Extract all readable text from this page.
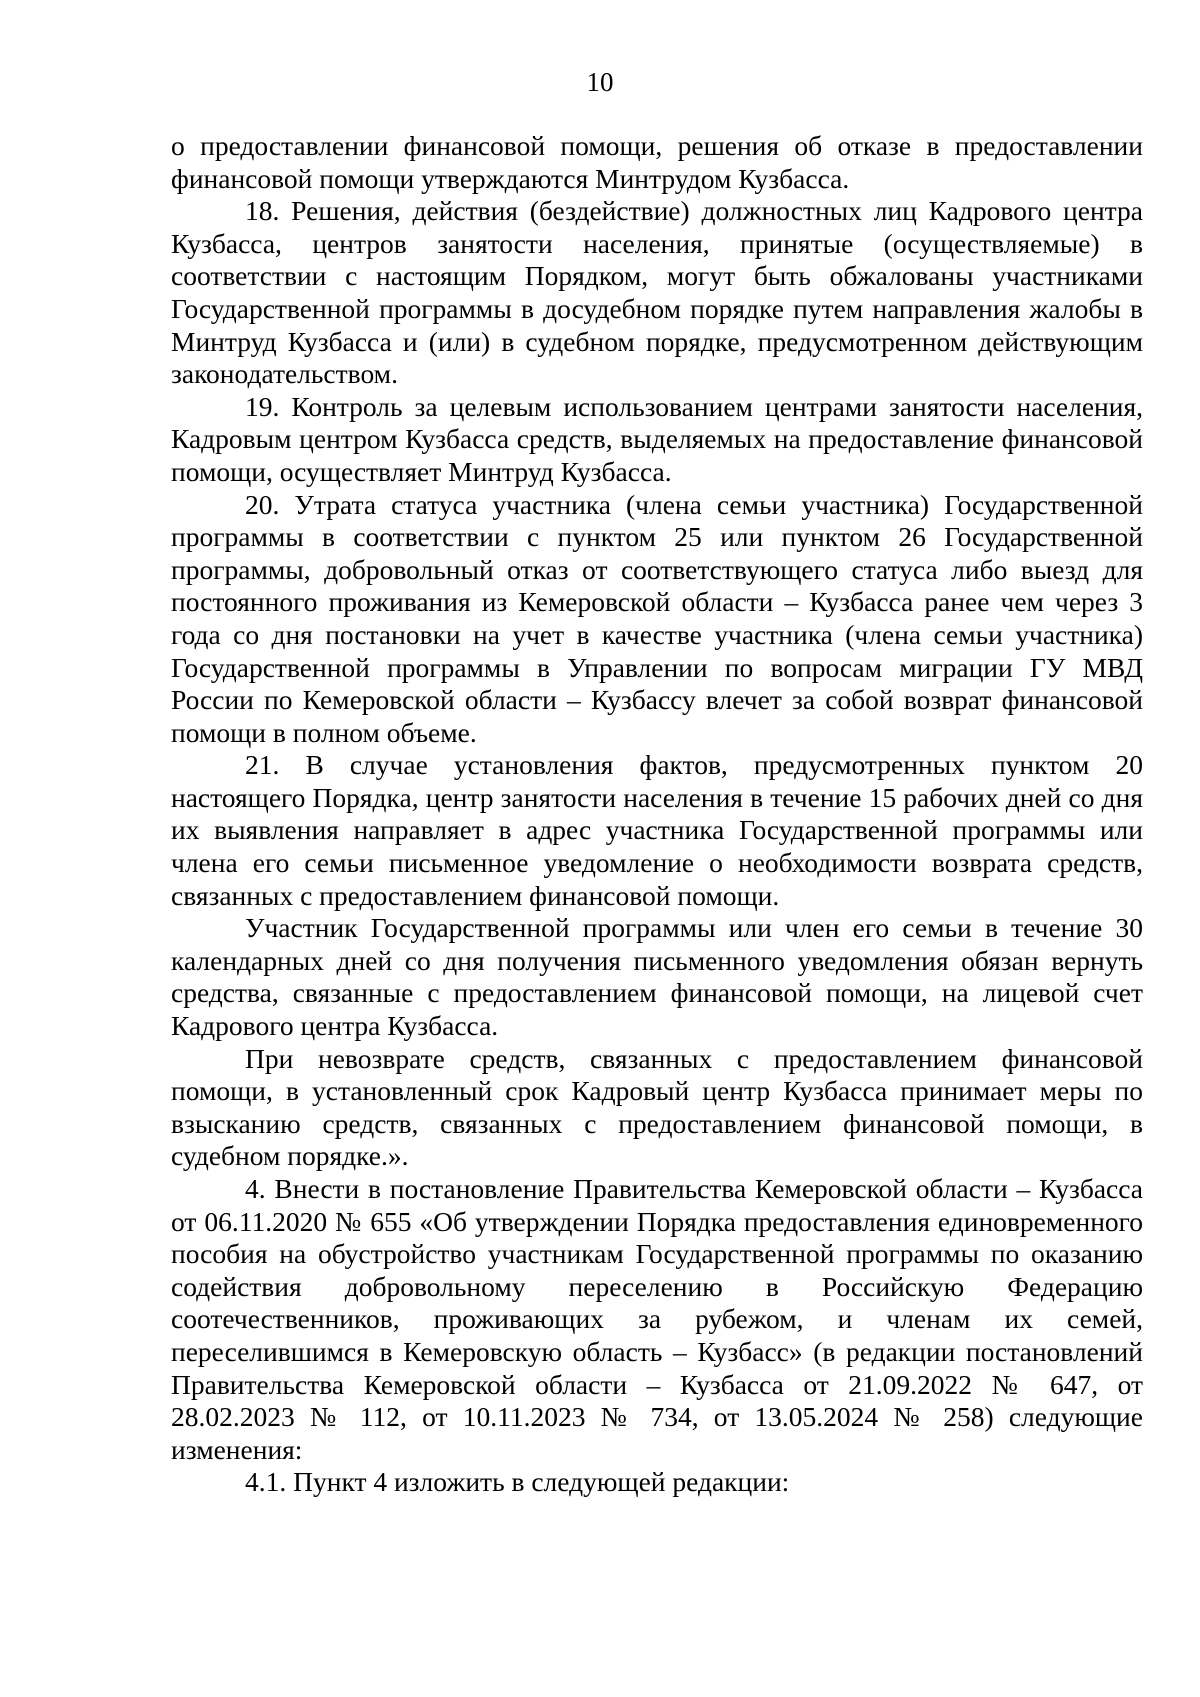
10

о предоставлении финансовой помощи, решения об отказе в предоставлении финансовой помощи утверждаются Минтрудом Кузбасса.

18. Решения, действия (бездействие) должностных лиц Кадрового центра Кузбасса, центров занятости населения, принятые (осуществляемые) в соответствии с настоящим Порядком, могут быть обжалованы участниками Государственной программы в досудебном порядке путем направления жалобы в Минтруд Кузбасса и (или) в судебном порядке, предусмотренном действующим законодательством.

19. Контроль за целевым использованием центрами занятости населения, Кадровым центром Кузбасса средств, выделяемых на предоставление финансовой помощи, осуществляет Минтруд Кузбасса.

20. Утрата статуса участника (члена семьи участника) Государственной программы в соответствии с пунктом 25 или пунктом 26 Государственной программы, добровольный отказ от соответствующего статуса либо выезд для постоянного проживания из Кемеровской области – Кузбасса ранее чем через 3 года со дня постановки на учет в качестве участника (члена семьи участника) Государственной программы в Управлении по вопросам миграции ГУ МВД России по Кемеровской области – Кузбассу влечет за собой возврат финансовой помощи в полном объеме.

21. В случае установления фактов, предусмотренных пунктом 20 настоящего Порядка, центр занятости населения в течение 15 рабочих дней со дня их выявления направляет в адрес участника Государственной программы или члена его семьи письменное уведомление о необходимости возврата средств, связанных с предоставлением финансовой помощи.

Участник Государственной программы или член его семьи в течение 30 календарных дней со дня получения письменного уведомления обязан вернуть средства, связанные с предоставлением финансовой помощи, на лицевой счет Кадрового центра Кузбасса.

При невозврате средств, связанных с предоставлением финансовой помощи, в установленный срок Кадровый центр Кузбасса принимает меры по взысканию средств, связанных с предоставлением финансовой помощи, в судебном порядке.».

4. Внести в постановление Правительства Кемеровской области – Кузбасса от 06.11.2020 № 655 «Об утверждении Порядка предоставления единовременного пособия на обустройство участникам Государственной программы по оказанию содействия добровольному переселению в Российскую Федерацию соотечественников, проживающих за рубежом, и членам их семей, переселившимся в Кемеровскую область – Кузбасс» (в редакции постановлений Правительства Кемеровской области – Кузбасса от 21.09.2022 № 647, от 28.02.2023 № 112, от 10.11.2023 № 734, от 13.05.2024 № 258) следующие изменения:

4.1. Пункт 4 изложить в следующей редакции:
